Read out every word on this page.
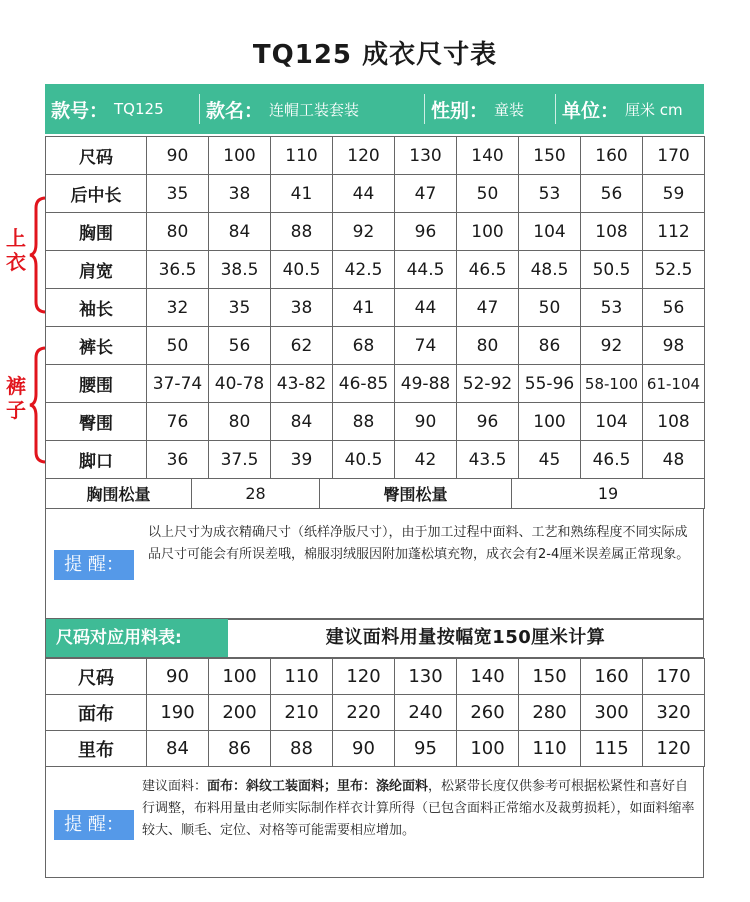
TQ125 成衣尺寸表
款号： TQ125 款名： 连帽工装套装	性别： 童装 单位： 厘米 cm
上衣
裤子
尺码	90	100	110	120	130	140	150	160	170
后中长	35	38	41	44	47	50	53	56	59
胸围	80	84	88	92	96	100	104	108	112
肩宽	36.5	38.5	40.5	42.5	44.5	46.5	48.5	50.5	52.5
袖长	32	35	38	41	44	47	50	53	56
裤长	50	56	62	68	74	80	86	92	98
腰围	37-74	40-78	43-82	46-85	49-88	52-92	55-96	58-100	61-104
臀围	76	80	84	88	90	96	100	104	108
脚口	36	37.5	39	40.5	42	43.5	45	46.5	48
胸围松量	28	臀围松量	19
提 醒：
以上尺寸为成衣精确尺寸（纸样净版尺寸），由于加工过程中面料、工艺和熟练程度不同实际成品尺寸可能会有所误差哦，棉服羽绒服因附加蓬松填充物，成衣会有2-4厘米误差属正常现象。
尺码对应用料表:	建议面料用量按幅宽150厘米计算
尺码	90	100	110	120	130	140	150	160	170
面布	190	200	210	220	240	260	280	300	320
里布	84	86	88	90	95	100	110	115	120
提 醒：
建议面料：面布：斜纹工装面料；里布：涤纶面料，松紧带长度仅供参考可根据松紧性和喜好自行调整，布料用量由老师实际制作样衣计算所得（已包含面料正常缩水及裁剪损耗），如面料缩率较大、顺毛、定位、对格等可能需要相应增加。
